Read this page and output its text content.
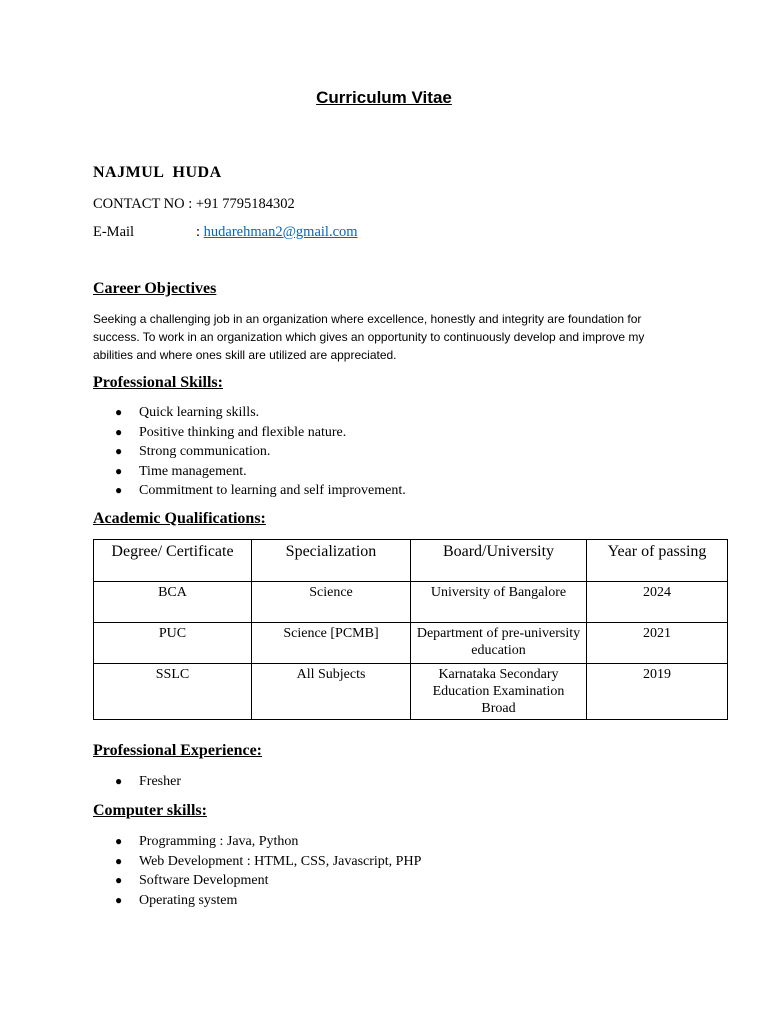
Curriculum Vitae
NAJMUL  HUDA
CONTACT NO : +91 7795184302
E-Mail	: hudarehman2@gmail.com
Career Objectives
Seeking a challenging job in an organization where excellence, honestly and integrity are foundation for success. To work in an organization which gives an opportunity to continuously develop and improve my abilities and where ones skill are utilized are appreciated.
Professional Skills:
● Quick learning skills.
● Positive thinking and flexible nature.
● Strong communication.
● Time management.
● Commitment to learning and self improvement.
Academic Qualifications:
Degree/ Certificate	Specialization	Board/University	Year of passing
BCA	Science	University of Bangalore	2024
PUC	Science [PCMB]	Department of pre-university education	2021
SSLC	All Subjects	Karnataka Secondary Education Examination Broad	2019
Professional Experience:
● Fresher
Computer skills:
● Programming : Java, Python
● Web Development : HTML, CSS, Javascript, PHP
● Software Development
● Operating system
